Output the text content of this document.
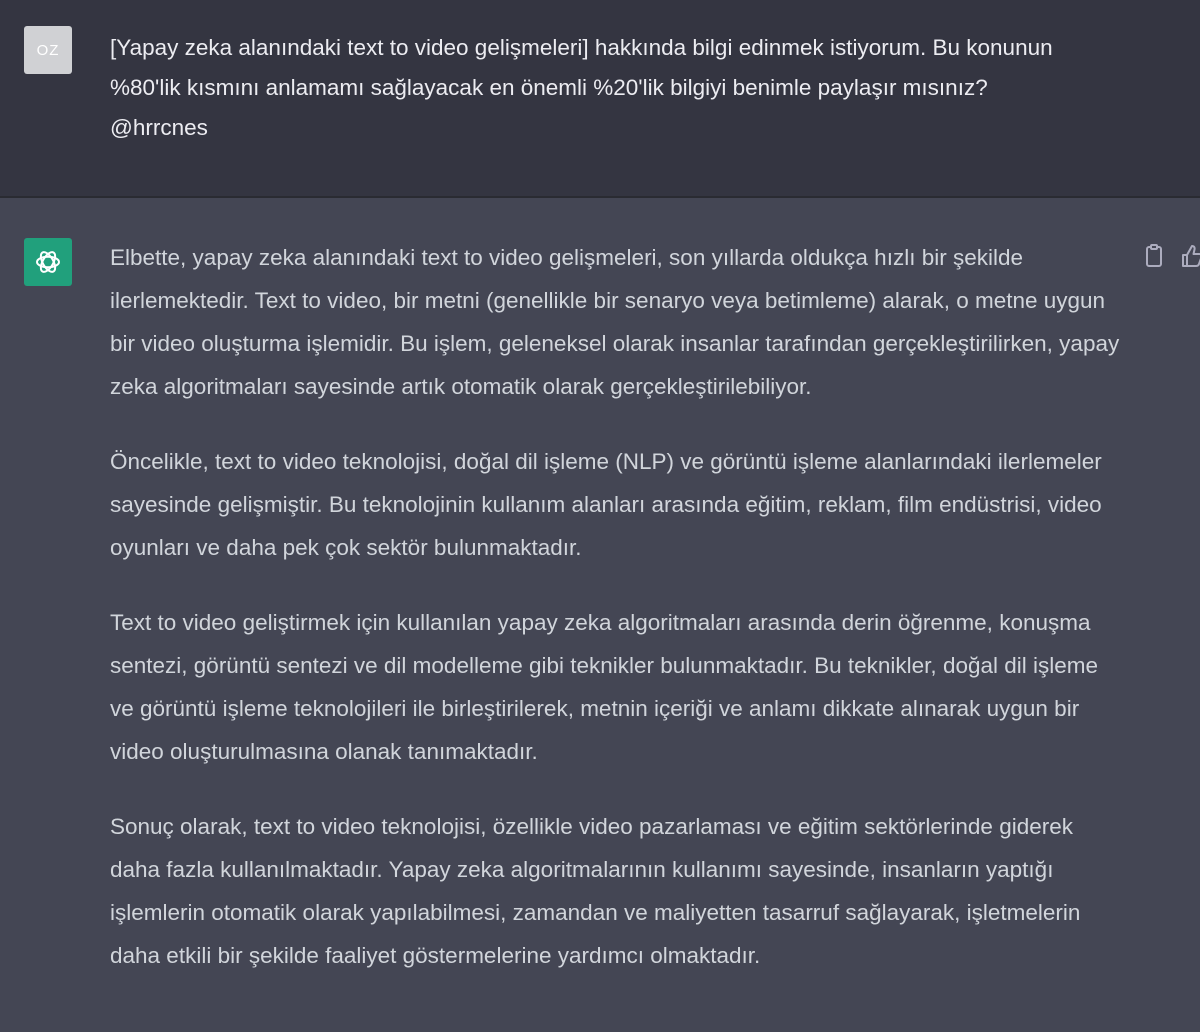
OZ [Yapay zeka alanındaki text to video gelişmeleri] hakkında bilgi edinmek istiyorum. Bu konunun %80'lik kısmını anlamamı sağlayacak en önemli %20'lik bilgiyi benimle paylaşır mısınız? @hrrcnes

Elbette, yapay zeka alanındaki text to video gelişmeleri, son yıllarda oldukça hızlı bir şekilde ilerlemektedir. Text to video, bir metni (genellikle bir senaryo veya betimleme) alarak, o metne uygun bir video oluşturma işlemidir. Bu işlem, geleneksel olarak insanlar tarafından gerçekleştirilirken, yapay zeka algoritmaları sayesinde artık otomatik olarak gerçekleştirilebiliyor.

Öncelikle, text to video teknolojisi, doğal dil işleme (NLP) ve görüntü işleme alanlarındaki ilerlemeler sayesinde gelişmiştir. Bu teknolojinin kullanım alanları arasında eğitim, reklam, film endüstrisi, video oyunları ve daha pek çok sektör bulunmaktadır.

Text to video geliştirmek için kullanılan yapay zeka algoritmaları arasında derin öğrenme, konuşma sentezi, görüntü sentezi ve dil modelleme gibi teknikler bulunmaktadır. Bu teknikler, doğal dil işleme ve görüntü işleme teknolojileri ile birleştirilerek, metnin içeriği ve anlamı dikkate alınarak uygun bir video oluşturulmasına olanak tanımaktadır.

Sonuç olarak, text to video teknolojisi, özellikle video pazarlaması ve eğitim sektörlerinde giderek daha fazla kullanılmaktadır. Yapay zeka algoritmalarının kullanımı sayesinde, insanların yaptığı işlemlerin otomatik olarak yapılabilmesi, zamandan ve maliyetten tasarruf sağlayarak, işletmelerin daha etkili bir şekilde faaliyet göstermelerine yardımcı olmaktadır.
